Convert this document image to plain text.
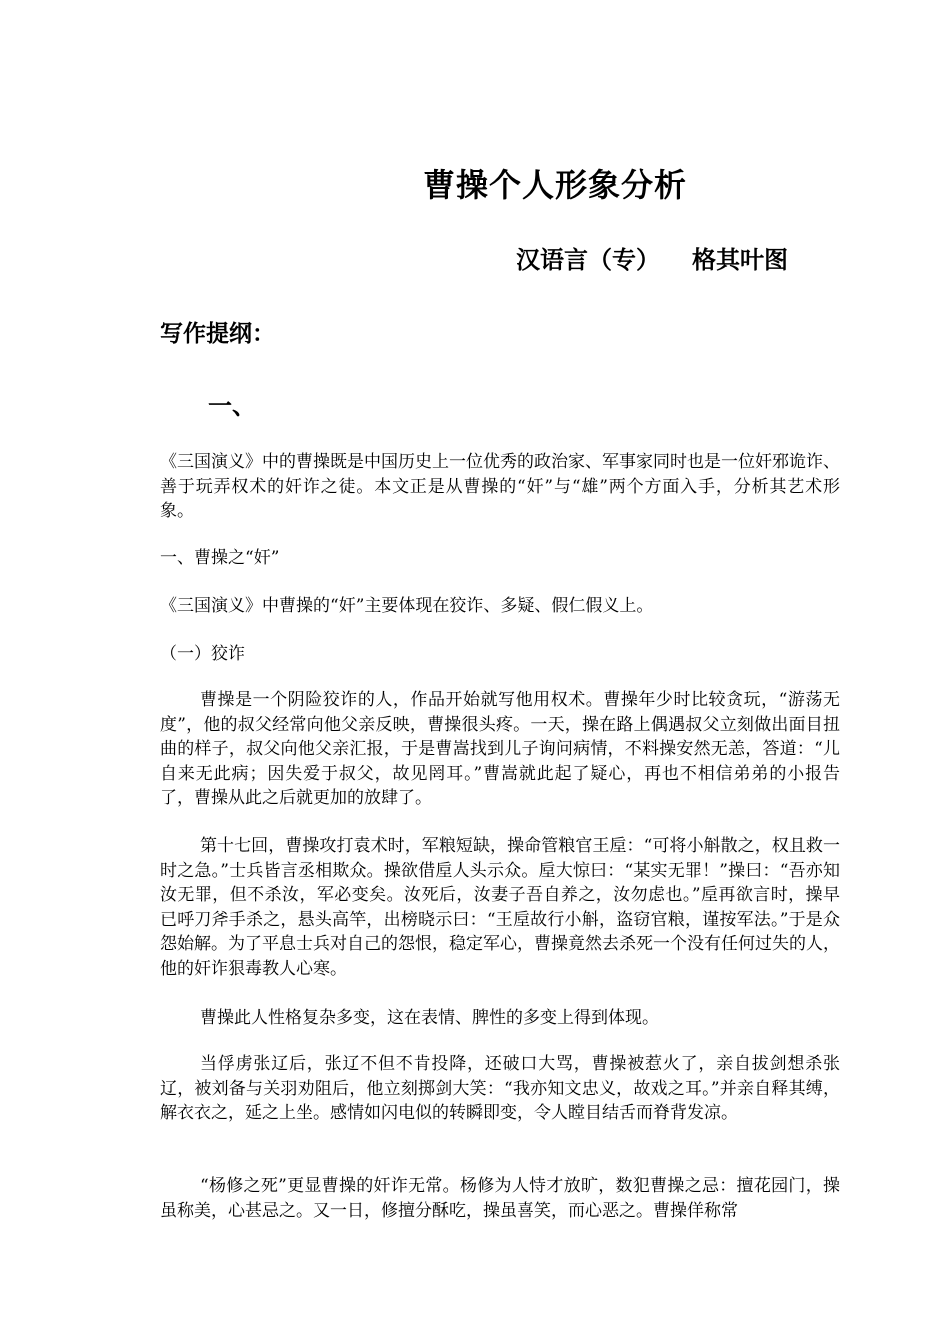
曹操个人形象分析
汉语言（专） 格其叶图
写作提纲：
一、

《三国演义》中的曹操既是中国历史上一位优秀的政治家、军事家同时也是一位奸邪诡诈、善于玩弄权术的奸诈之徒。本文正是从曹操的“奸”与“雄”两个方面入手，分析其艺术形象。

一、曹操之“奸”

《三国演义》中曹操的“奸”主要体现在狡诈、多疑、假仁假义上。

（一）狡诈

曹操是一个阴险狡诈的人，作品开始就写他用权术。曹操年少时比较贪玩，“游荡无度”，他的叔父经常向他父亲反映，曹操很头疼。一天，操在路上偶遇叔父立刻做出面目扭曲的样子，叔父向他父亲汇报，于是曹嵩找到儿子询问病情，不料操安然无恙，答道：“儿自来无此病；因失爱于叔父，故见罔耳。”曹嵩就此起了疑心，再也不相信弟弟的小报告了，曹操从此之后就更加的放肆了。

第十七回，曹操攻打袁术时，军粮短缺，操命管粮官王垕：“可将小斛散之，权且救一时之急。”士兵皆言丞相欺众。操欲借垕人头示众。垕大惊曰：“某实无罪！”操曰：“吾亦知汝无罪，但不杀汝，军必变矣。汝死后，汝妻子吾自养之，汝勿虑也。”垕再欲言时，操早已呼刀斧手杀之，悬头高竿，出榜晓示曰：“王垕故行小斛，盗窃官粮，谨按军法。”于是众怨始解。为了平息士兵对自己的怨恨，稳定军心，曹操竟然去杀死一个没有任何过失的人，他的奸诈狠毒教人心寒。

曹操此人性格复杂多变，这在表情、脾性的多变上得到体现。

当俘虏张辽后，张辽不但不肯投降，还破口大骂，曹操被惹火了，亲自拔剑想杀张辽，被刘备与关羽劝阻后，他立刻掷剑大笑：“我亦知文忠义，故戏之耳。”并亲自释其缚，解衣衣之，延之上坐。感情如闪电似的转瞬即变，令人瞠目结舌而脊背发凉。

“杨修之死”更显曹操的奸诈无常。杨修为人恃才放旷，数犯曹操之忌：擅花园门，操虽称美，心甚忌之。又一日，修擅分酥吃，操虽喜笑，而心恶之。曹操佯称常
